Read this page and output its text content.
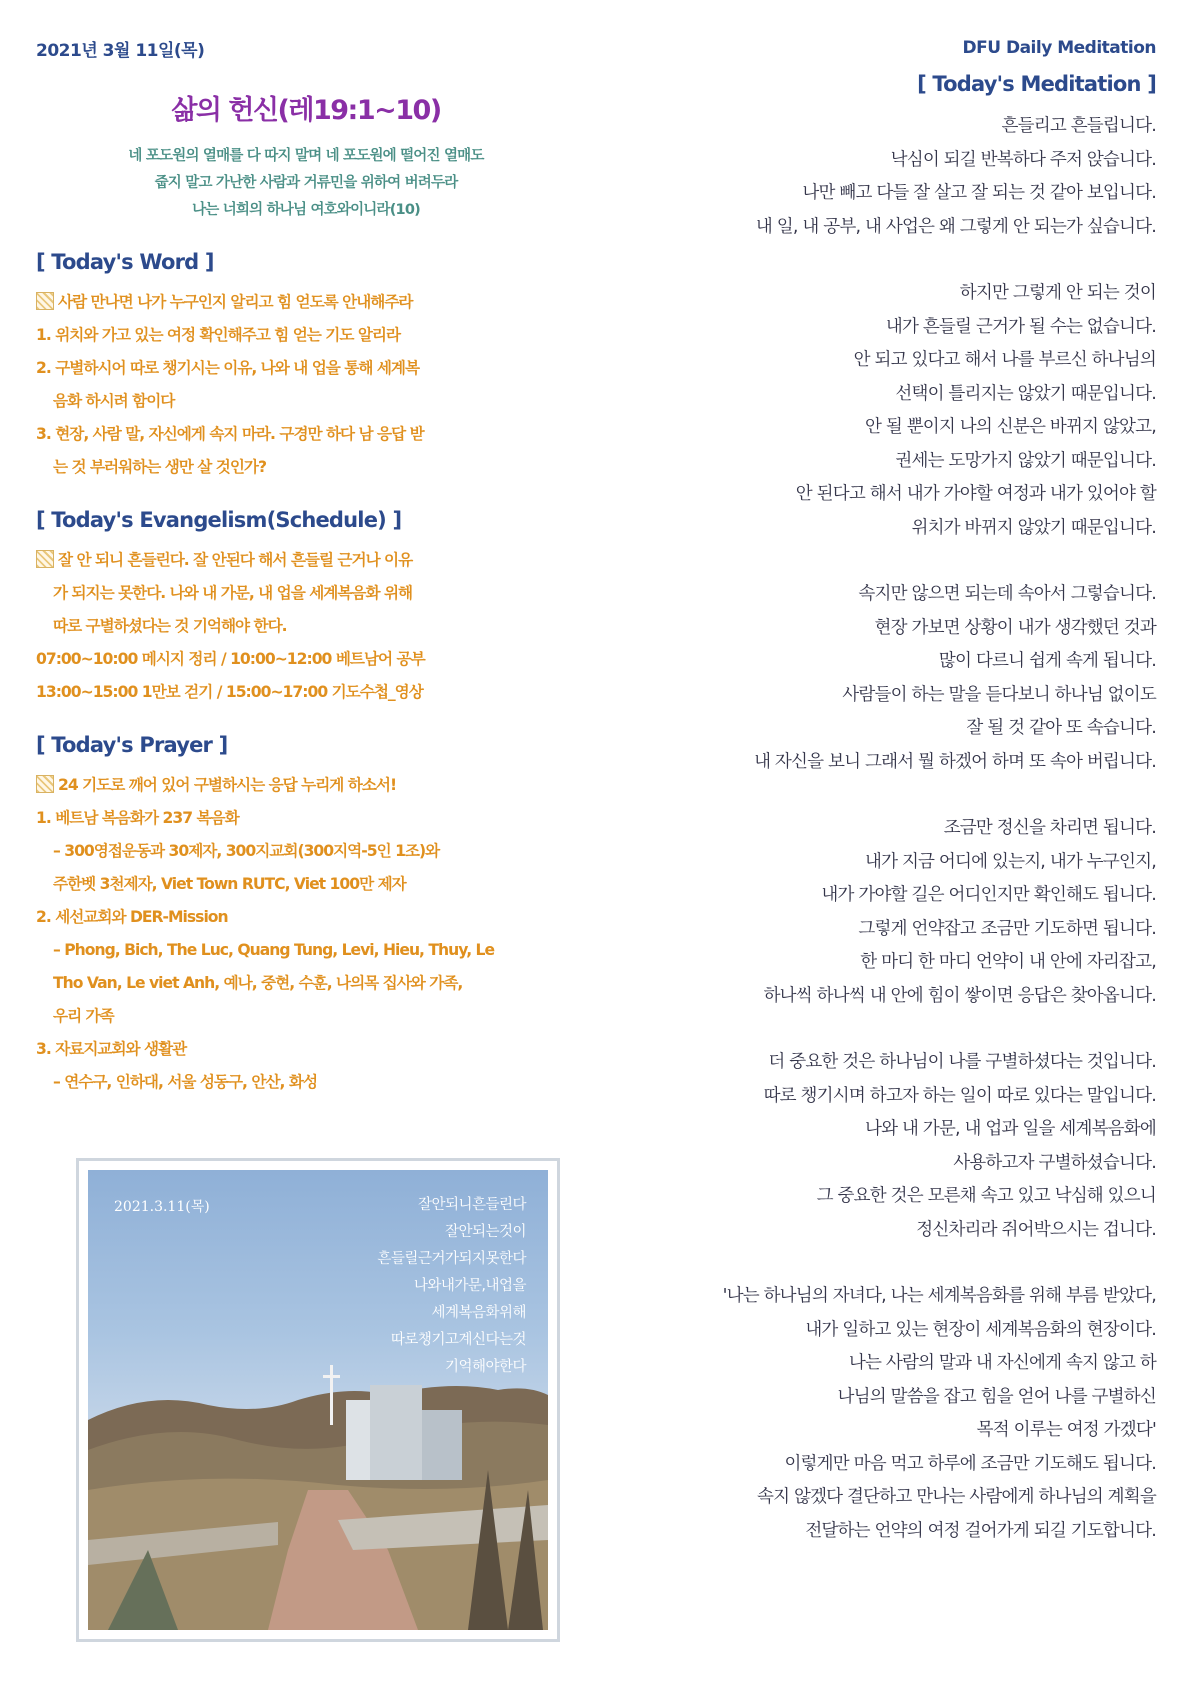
2021년 3월 11일(목)	DFU Daily Meditation
삶의 헌신(레19:1~10)
네 포도원의 열매를 다 따지 말며 네 포도원에 떨어진 열매도
줍지 말고 가난한 사람과 거류민을 위하여 버려두라
나는 너희의 하나님 여호와이니라(10)
[ Today's Word ]
사람 만나면 나가 누구인지 알리고 힘 얻도록 안내해주라
1. 위치와 가고 있는 여정 확인해주고 힘 얻는 기도 알리라
2. 구별하시어 따로 챙기시는 이유, 나와 내 업을 통해 세계복
음화 하시려 함이다
3. 현장, 사람 말, 자신에게 속지 마라. 구경만 하다 남 응답 받
는 것 부러워하는 생만 살 것인가?
[ Today's Evangelism(Schedule) ]
잘 안 되니 흔들린다. 잘 안된다 해서 흔들릴 근거나 이유
가 되지는 못한다. 나와 내 가문, 내 업을 세계복음화 위해
따로 구별하셨다는 것 기억해야 한다.
07:00~10:00 메시지 정리 / 10:00~12:00 베트남어 공부
13:00~15:00 1만보 걷기 / 15:00~17:00 기도수첩_영상
[ Today's Prayer ]
24 기도로 깨어 있어 구별하시는 응답 누리게 하소서!
1. 베트남 복음화가 237 복음화
– 300영접운동과 30제자, 300지교회(300지역-5인 1조)와
주한벳 3천제자, Viet Town RUTC, Viet 100만 제자
2. 세선교회와 DER-Mission
– Phong, Bich, The Luc, Quang Tung, Levi, Hieu, Thuy, Le
Tho Van, Le viet Anh, 예나, 중현, 수훈, 나의목 집사와 가족,
우리 가족
3. 자료지교회와 생활관
– 연수구, 인하대, 서울 성동구, 안산, 화성
2021.3.11(목)	잘안되니흔들린다
잘안되는것이
흔들릴근거가되지못한다
나와내가문,내업을
세계복음화위해
따로챙기고계신다는것
기억해야한다
[ Today's Meditation ]
흔들리고 흔들립니다.
낙심이 되길 반복하다 주저 앉습니다.
나만 빼고 다들 잘 살고 잘 되는 것 같아 보입니다.
내 일, 내 공부, 내 사업은 왜 그렇게 안 되는가 싶습니다.
하지만 그렇게 안 되는 것이
내가 흔들릴 근거가 될 수는 없습니다.
안 되고 있다고 해서 나를 부르신 하나님의
선택이 틀리지는 않았기 때문입니다.
안 될 뿐이지 나의 신분은 바뀌지 않았고,
권세는 도망가지 않았기 때문입니다.
안 된다고 해서 내가 가야할 여정과 내가 있어야 할
위치가 바뀌지 않았기 때문입니다.
속지만 않으면 되는데 속아서 그렇습니다.
현장 가보면 상황이 내가 생각했던 것과
많이 다르니 쉽게 속게 됩니다.
사람들이 하는 말을 듣다보니 하나님 없이도
잘 될 것 같아 또 속습니다.
내 자신을 보니 그래서 뭘 하겠어 하며 또 속아 버립니다.
조금만 정신을 차리면 됩니다.
내가 지금 어디에 있는지, 내가 누구인지,
내가 가야할 길은 어디인지만 확인해도 됩니다.
그렇게 언약잡고 조금만 기도하면 됩니다.
한 마디 한 마디 언약이 내 안에 자리잡고,
하나씩 하나씩 내 안에 힘이 쌓이면 응답은 찾아옵니다.
더 중요한 것은 하나님이 나를 구별하셨다는 것입니다.
따로 챙기시며 하고자 하는 일이 따로 있다는 말입니다.
나와 내 가문, 내 업과 일을 세계복음화에
사용하고자 구별하셨습니다.
그 중요한 것은 모른채 속고 있고 낙심해 있으니
정신차리라 쥐어박으시는 겁니다.
'나는 하나님의 자녀다, 나는 세계복음화를 위해 부름 받았다,
내가 일하고 있는 현장이 세계복음화의 현장이다.
나는 사람의 말과 내 자신에게 속지 않고 하
나님의 말씀을 잡고 힘을 얻어 나를 구별하신
목적 이루는 여정 가겠다'
이렇게만 마음 먹고 하루에 조금만 기도해도 됩니다.
속지 않겠다 결단하고 만나는 사람에게 하나님의 계획을
전달하는 언약의 여정 걸어가게 되길 기도합니다.
